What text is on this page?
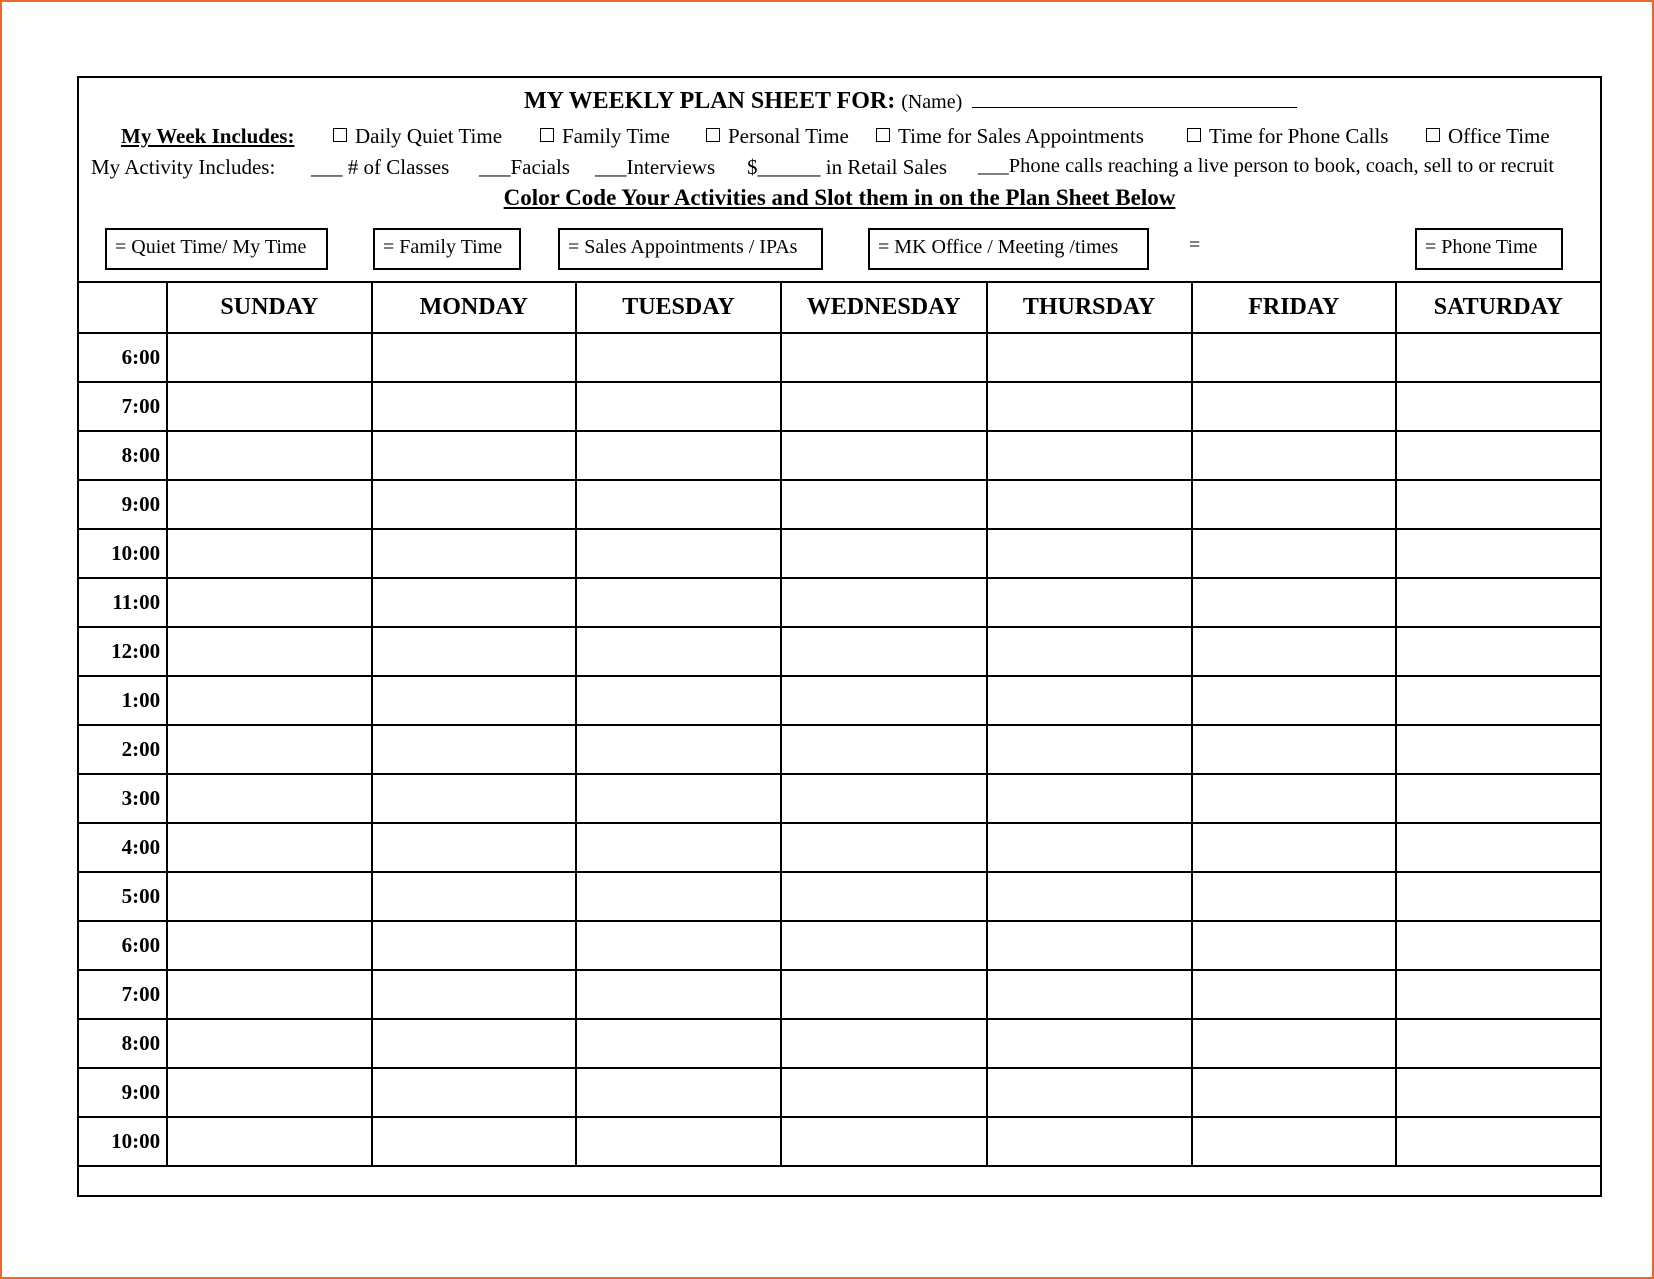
MY WEEKLY PLAN SHEET FOR: (Name)
My Week Includes:	Daily Quiet Time	Family Time	Personal Time	Time for Sales Appointments	Time for Phone Calls	Office Time
My Activity Includes: ___ # of Classes ___Facials ___Interviews $______ in Retail Sales ___Phone calls reaching a live person to book, coach, sell to or recruit
Color Code Your Activities and Slot them in on the Plan Sheet Below
= Quiet Time/ My Time	= Family Time	= Sales Appointments / IPAs	= MK Office / Meeting /times	=	= Phone Time
	SUNDAY	MONDAY	TUESDAY	WEDNESDAY	THURSDAY	FRIDAY	SATURDAY
6:00							
7:00							
8:00							
9:00							
10:00							
11:00							
12:00							
1:00							
2:00							
3:00							
4:00							
5:00							
6:00							
7:00							
8:00							
9:00							
10:00							
